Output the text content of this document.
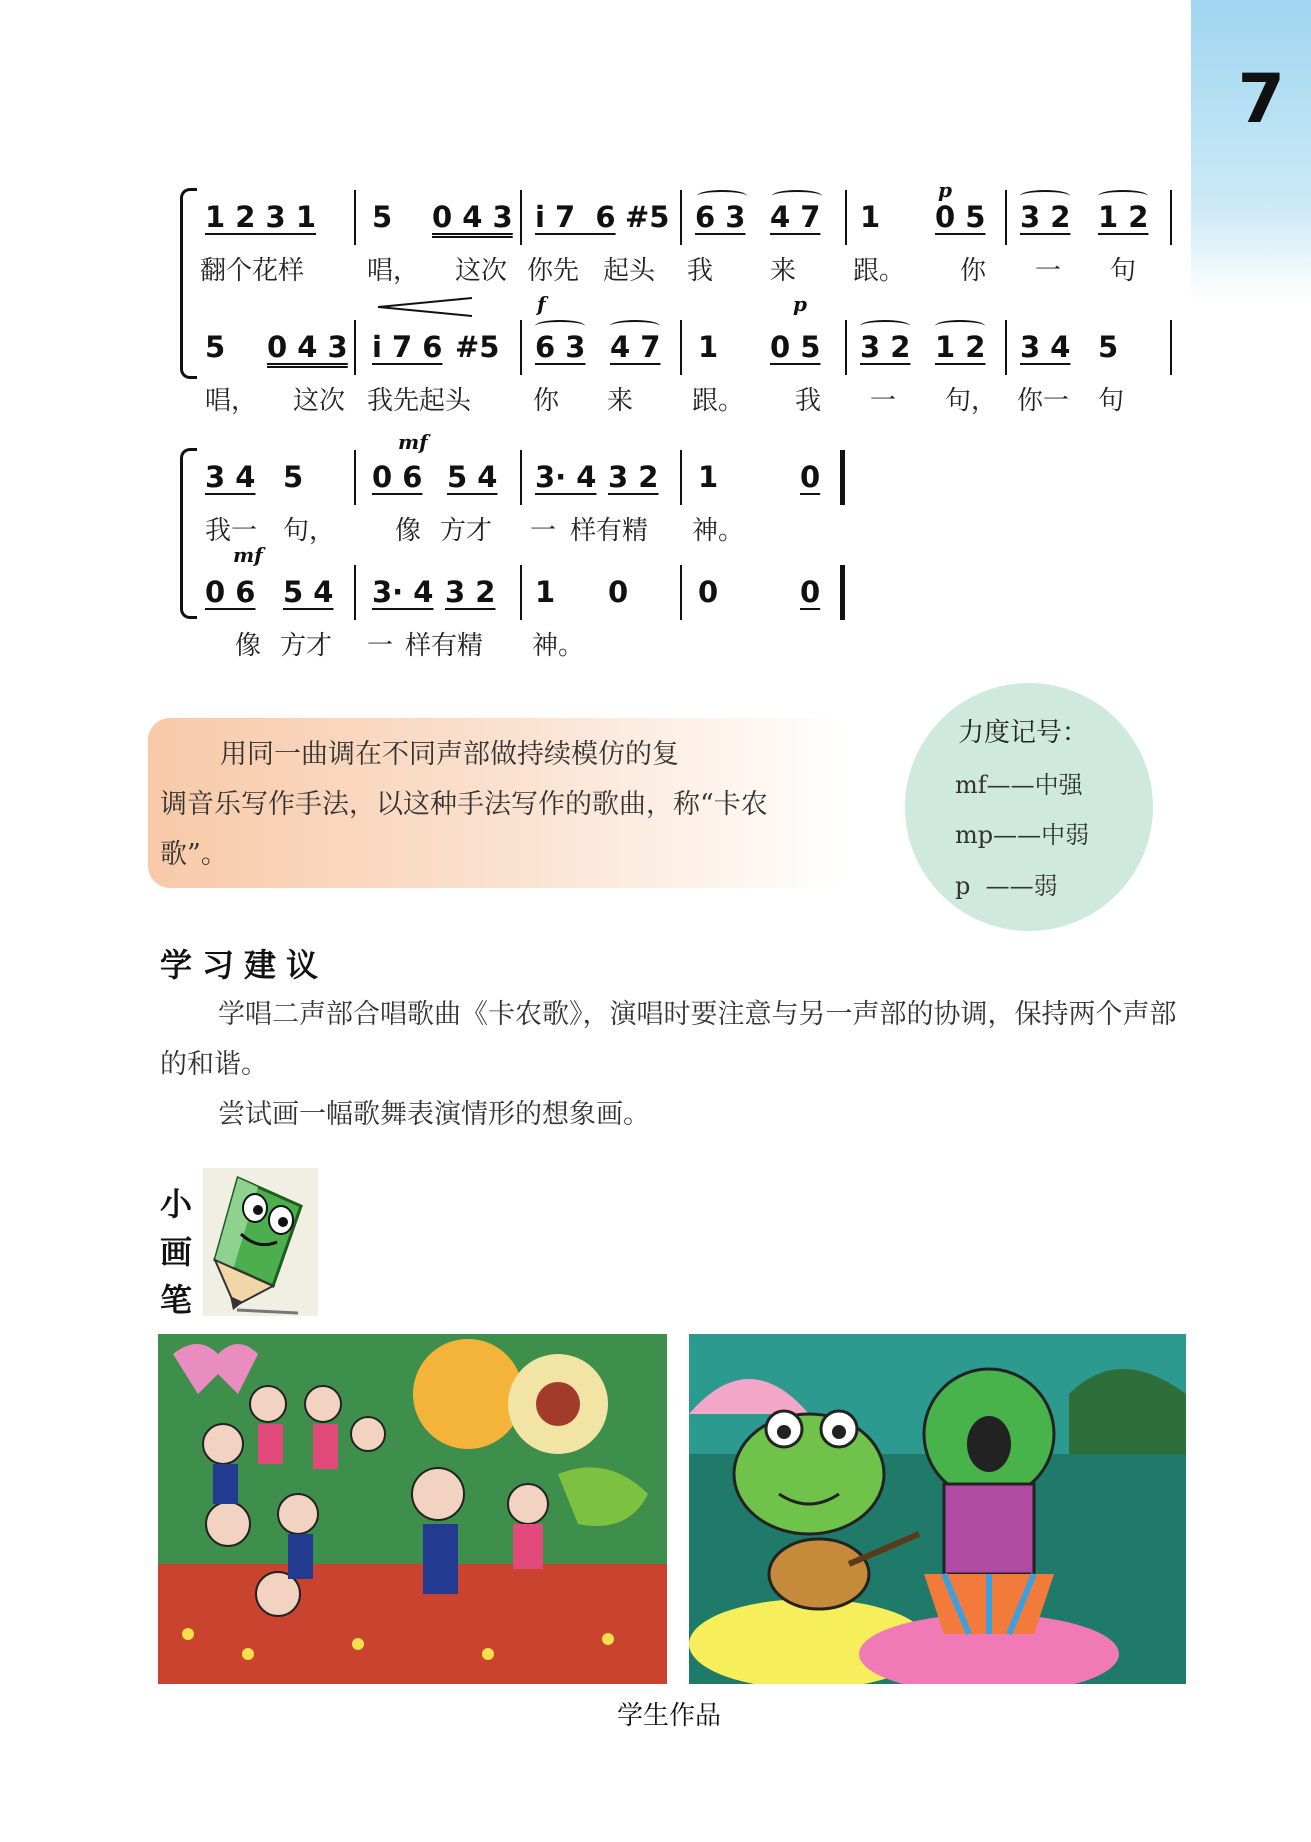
7
p
f	p
mf
mf
1 2 3 1 5 0 4 3 i̇ 7  6 #5 6 3 4 7 1 0 5 3 2 1 2
翻个花样 唱， 这次 你先 起头 我 来 跟。 你 一 句
5 0 4 3 i̇ 7 6 #5 6 3 4 7 1 0 5 3 2 1 2 3 4 5
唱， 这次 我先起头 你 来 跟。 我 一 句， 你一 句
3 4 5 0 6 5 4 3· 4 3 2 1	0
我一 句， 像 方才 一 样有精 神。
0 6 5 4 3· 4 3 2 1 0 0	0
像 方才 一 样有精 神。
用同一曲调在不同声部做持续模仿的复
调音乐写作手法，以这种手法写作的歌曲，称“卡农歌”。
力度记号：
mf——中强
mp——中弱
p  ——弱
学习建议

学唱二声部合唱歌曲《卡农歌》，演唱时要注意与另一声部的协调，保持两个声部的和谐。

尝试画一幅歌舞表演情形的想象画。

小画笔
学生作品
